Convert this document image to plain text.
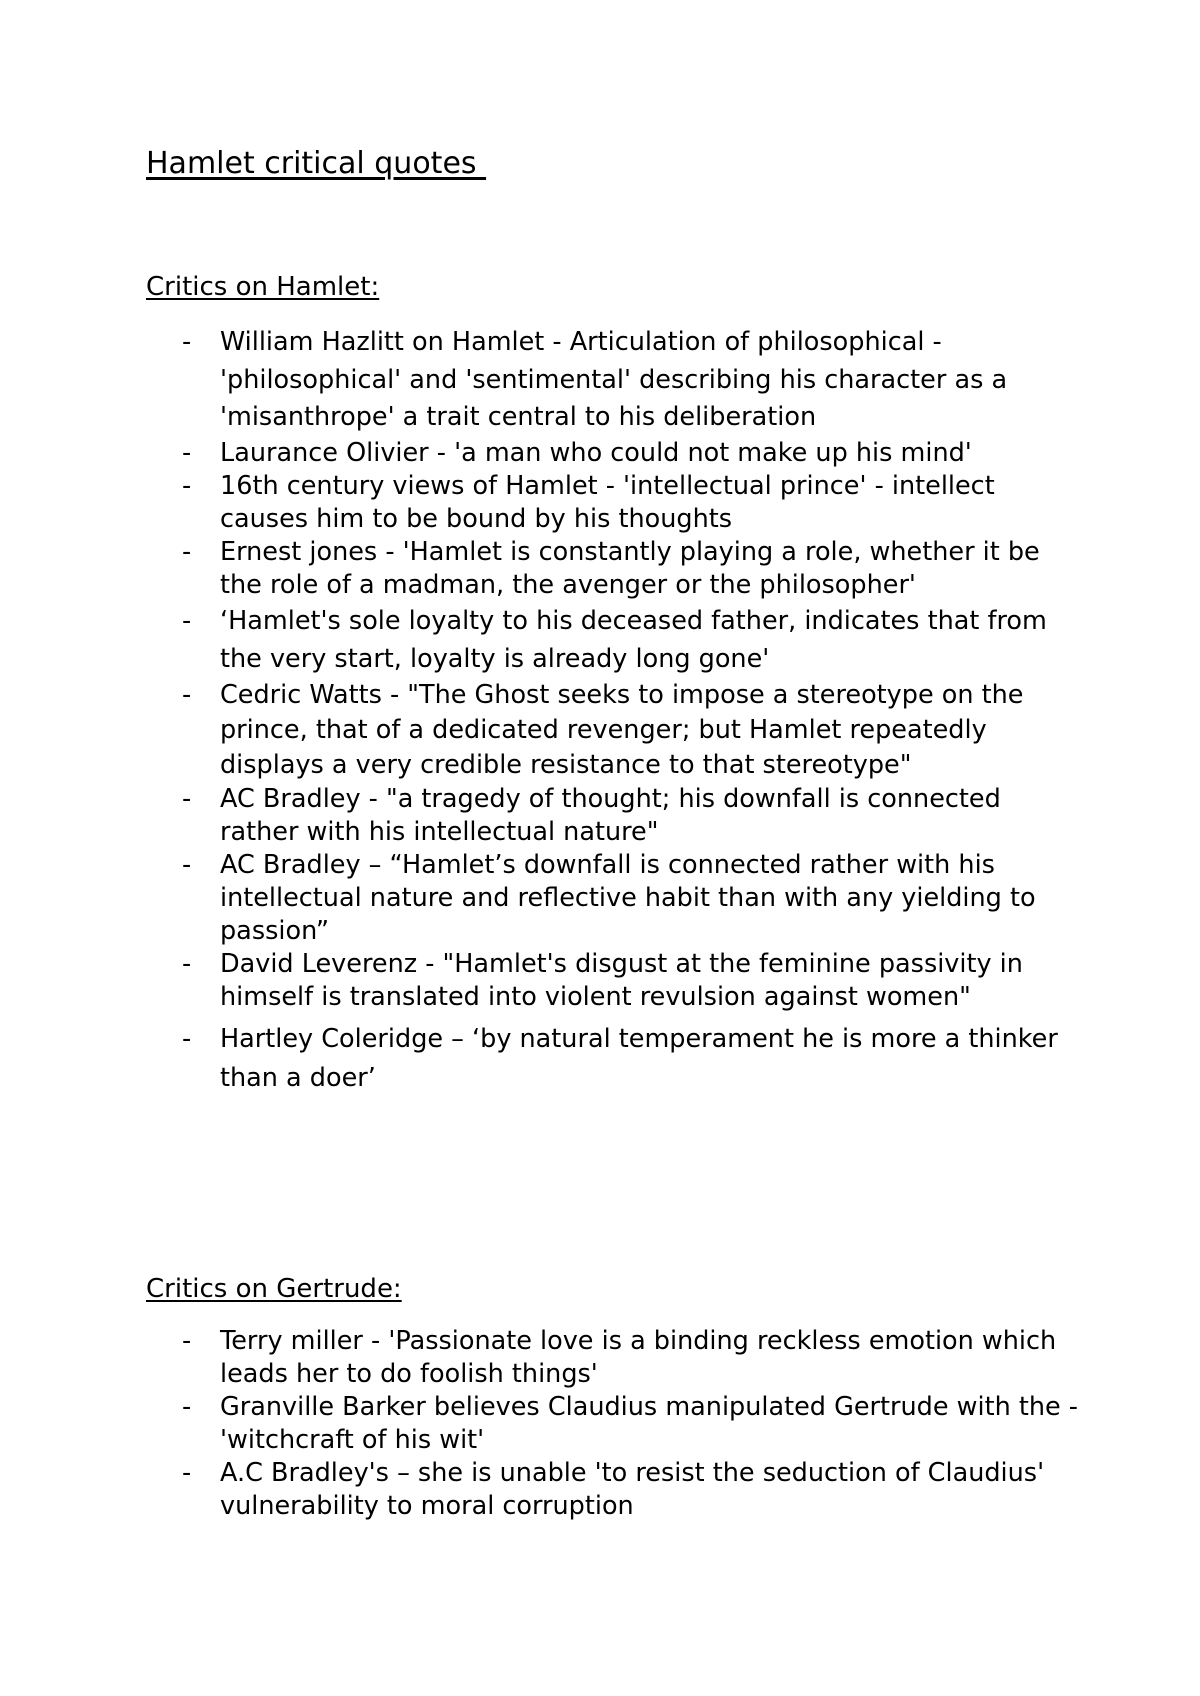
Hamlet critical quotes
Critics on Hamlet:
- William Hazlitt on Hamlet - Articulation of philosophical - 'philosophical' and 'sentimental' describing his character as a 'misanthrope' a trait central to his deliberation
- Laurance Olivier - 'a man who could not make up his mind'
- 16th century views of Hamlet - 'intellectual prince' - intellect causes him to be bound by his thoughts
- Ernest jones - 'Hamlet is constantly playing a role, whether it be the role of a madman, the avenger or the philosopher'
- ‘Hamlet's sole loyalty to his deceased father, indicates that from the very start, loyalty is already long gone'
- Cedric Watts - "The Ghost seeks to impose a stereotype on the prince, that of a dedicated revenger; but Hamlet repeatedly displays a very credible resistance to that stereotype"
- AC Bradley - "a tragedy of thought; his downfall is connected rather with his intellectual nature"
- AC Bradley – “Hamlet’s downfall is connected rather with his intellectual nature and reflective habit than with any yielding to passion”
- David Leverenz - "Hamlet's disgust at the feminine passivity in himself is translated into violent revulsion against women"
- Hartley Coleridge – ‘by natural temperament he is more a thinker than a doer’
Critics on Gertrude:
- Terry miller - 'Passionate love is a binding reckless emotion which leads her to do foolish things'
- Granville Barker believes Claudius manipulated Gertrude with the - 'witchcraft of his wit'
- A.C Bradley's – she is unable 'to resist the seduction of Claudius' vulnerability to moral corruption
